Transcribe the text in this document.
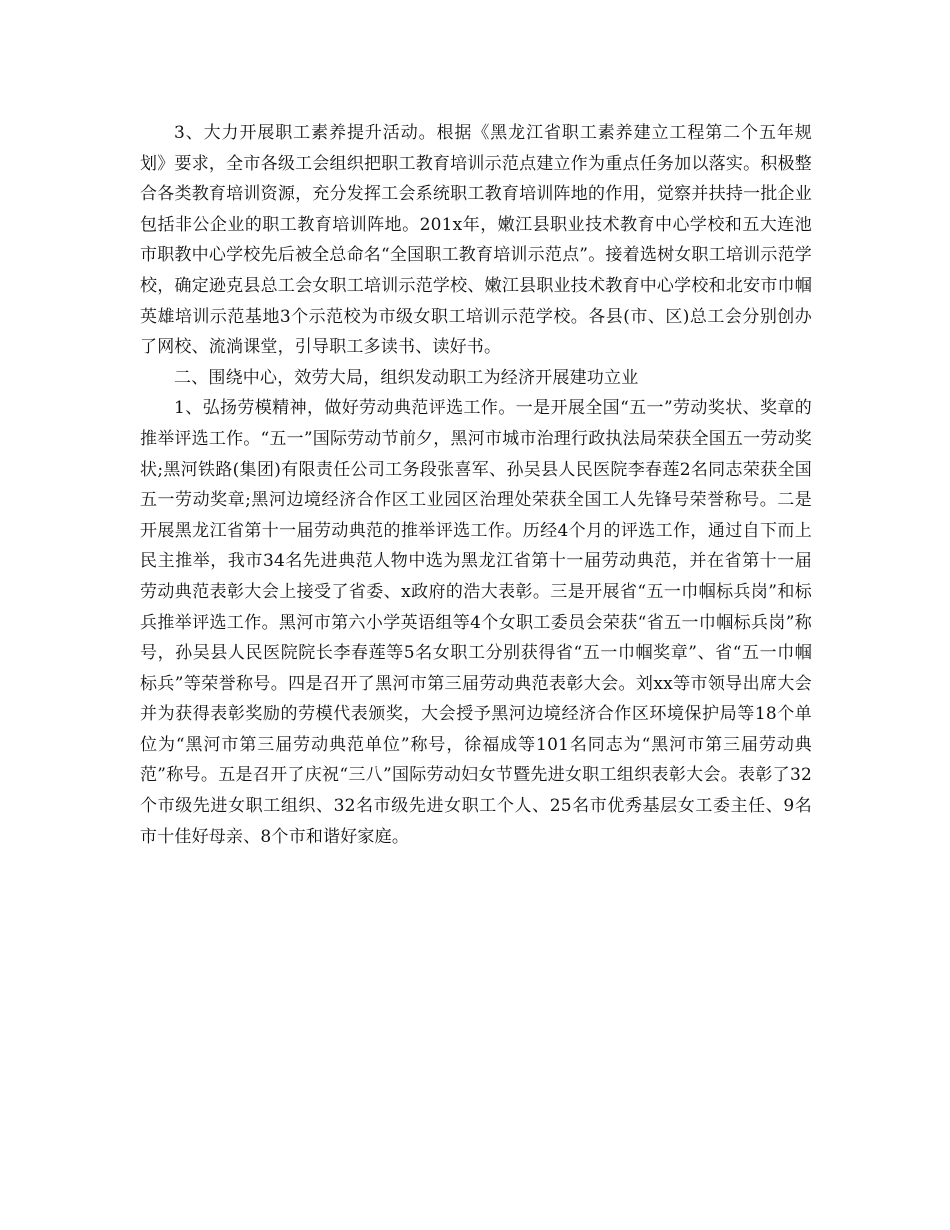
3、大力开展职工素养提升活动。根据《黑龙江省职工素养建立工程第二个五年规划》要求，全市各级工会组织把职工教育培训示范点建立作为重点任务加以落实。积极整合各类教育培训资源，充分发挥工会系统职工教育培训阵地的作用，觉察并扶持一批企业包括非公企业的职工教育培训阵地。201x年，嫩江县职业技术教育中心学校和五大连池市职教中心学校先后被全总命名“全国职工教育培训示范点”。接着选树女职工培训示范学校，确定逊克县总工会女职工培训示范学校、嫩江县职业技术教育中心学校和北安市巾帼英雄培训示范基地3个示范校为市级女职工培训示范学校。各县(市、区)总工会分别创办了网校、流淌课堂，引导职工多读书、读好书。

二、围绕中心，效劳大局，组织发动职工为经济开展建功立业

1、弘扬劳模精神，做好劳动典范评选工作。一是开展全国“五一”劳动奖状、奖章的推举评选工作。“五一”国际劳动节前夕，黑河市城市治理行政执法局荣获全国五一劳动奖状;黑河铁路(集团)有限责任公司工务段张喜军、孙吴县人民医院李春莲2名同志荣获全国五一劳动奖章;黑河边境经济合作区工业园区治理处荣获全国工人先锋号荣誉称号。二是开展黑龙江省第十一届劳动典范的推举评选工作。历经4个月的评选工作，通过自下而上民主推举，我市34名先进典范人物中选为黑龙江省第十一届劳动典范，并在省第十一届劳动典范表彰大会上接受了省委、x政府的浩大表彰。三是开展省“五一巾帼标兵岗”和标兵推举评选工作。黑河市第六小学英语组等4个女职工委员会荣获“省五一巾帼标兵岗”称号，孙吴县人民医院院长李春莲等5名女职工分别获得省“五一巾帼奖章”、省“五一巾帼标兵”等荣誉称号。四是召开了黑河市第三届劳动典范表彰大会。刘xx等市领导出席大会并为获得表彰奖励的劳模代表颁奖，大会授予黑河边境经济合作区环境保护局等18个单位为“黑河市第三届劳动典范单位”称号，徐福成等101名同志为“黑河市第三届劳动典范”称号。五是召开了庆祝“三八”国际劳动妇女节暨先进女职工组织表彰大会。表彰了32个市级先进女职工组织、32名市级先进女职工个人、25名市优秀基层女工委主任、9名市十佳好母亲、8个市和谐好家庭。
